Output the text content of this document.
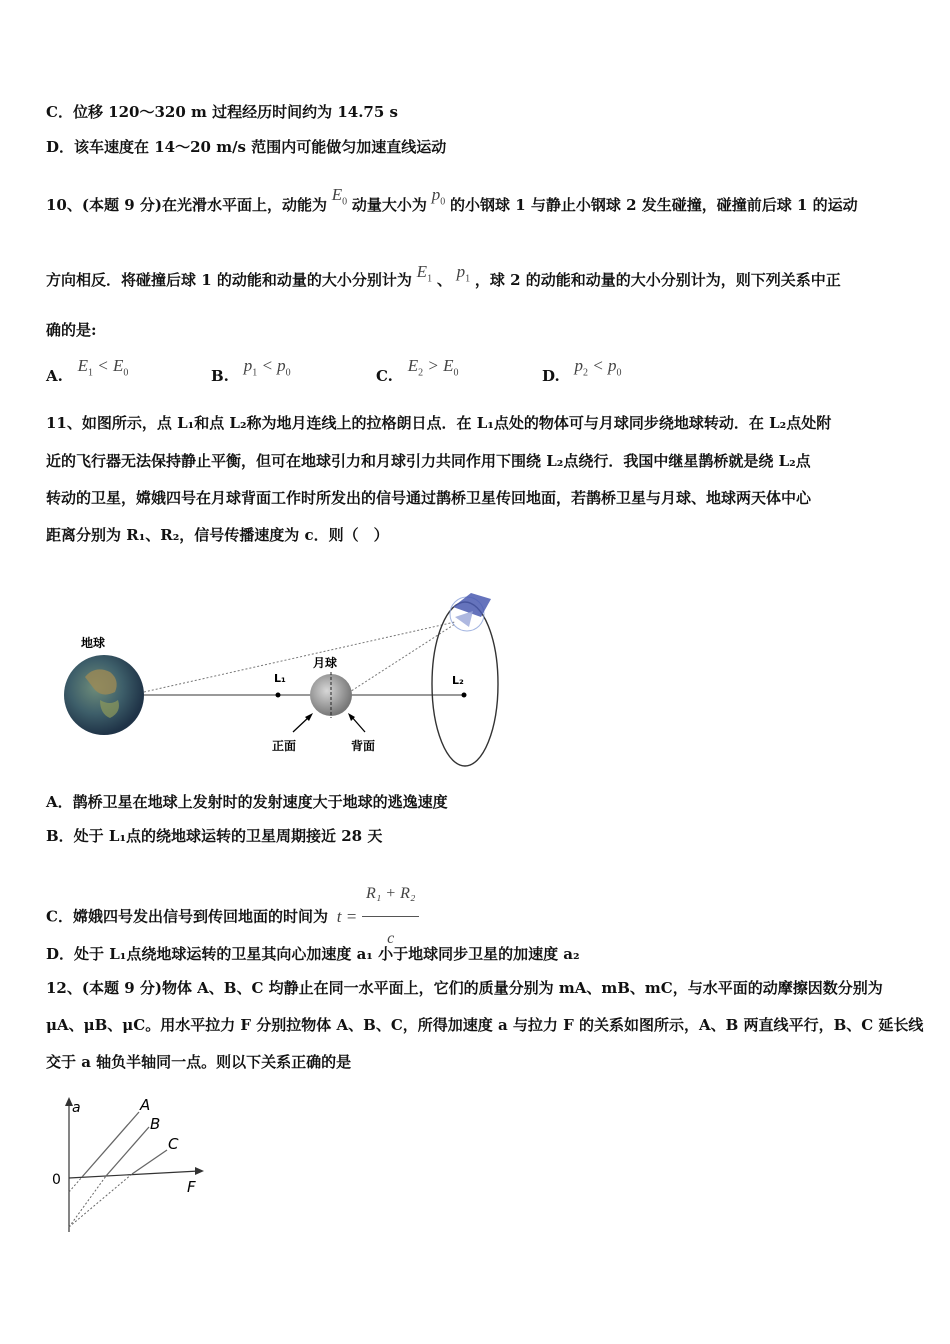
C．位移 120～320 m 过程经历时间约为 14.75 s
D．该车速度在 14～20 m/s 范围内可能做匀加速直线运动
10、(本题 9 分)在光滑水平面上，动能为 $E_0$ 动量大小为 $p_0$ 的小钢球 1 与静止小钢球 2 发生碰撞，碰撞前后球 1 的运动
方向相反．将碰撞后球 1 的动能和动量的大小分别计为 $E_1$ 、 $p_1$ ，球 2 的动能和动量的大小分别计为，则下列关系中正
确的是:
A. $E_1 < E_0$	B. $p_1 < p_0$	C. $E_2 > E_0$	D. $p_2 < p_0$
11、如图所示，点 L₁和点 L₂称为地月连线上的拉格朗日点．在 L₁点处的物体可与月球同步绕地球转动．在 L₂点处附
近的飞行器无法保持静止平衡，但可在地球引力和月球引力共同作用下围绕 L₂点绕行．我国中继星鹊桥就是绕 L₂点
转动的卫星，嫦娥四号在月球背面工作时所发出的信号通过鹊桥卫星传回地面，若鹊桥卫星与月球、地球两天体中心
距离分别为 R₁、R₂，信号传播速度为 c．则（　）
地球
L₁
月球
正面	背面
L₂
A．鹊桥卫星在地球上发射时的发射速度大于地球的逃逸速度
B．处于 L₁点的绕地球运转的卫星周期接近 28 天
C．嫦娥四号发出信号到传回地面的时间为 $t = \frac{\text{R₁ + R₂}}{c}$
D．处于 L₁点绕地球运转的卫星其向心加速度 a₁ 小于地球同步卫星的加速度 a₂
12、(本题 9 分)物体 A、B、C 均静止在同一水平面上，它们的质量分别为 mA、mB、mC，与水平面的动摩擦因数分别为
μA、μB、μC。用水平拉力 F 分别拉物体 A、B、C，所得加速度 a 与拉力 F 的关系如图所示，A、B 两直线平行，B、C 延长线
交于 a 轴负半轴同一点。则以下关系正确的是
a
F
0
A
B
C
